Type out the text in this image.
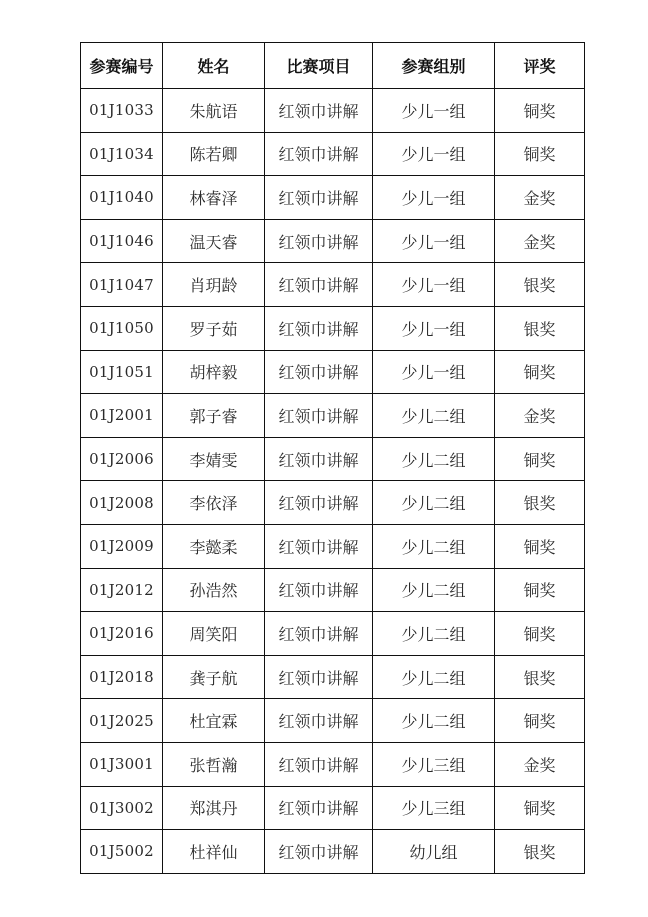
参赛编号	姓名	比赛项目	参赛组别	评奖
01J1033	朱航语	红领巾讲解	少儿一组	铜奖
01J1034	陈若卿	红领巾讲解	少儿一组	铜奖
01J1040	林睿泽	红领巾讲解	少儿一组	金奖
01J1046	温天睿	红领巾讲解	少儿一组	金奖
01J1047	肖玥龄	红领巾讲解	少儿一组	银奖
01J1050	罗子茹	红领巾讲解	少儿一组	银奖
01J1051	胡梓毅	红领巾讲解	少儿一组	铜奖
01J2001	郭子睿	红领巾讲解	少儿二组	金奖
01J2006	李婧雯	红领巾讲解	少儿二组	铜奖
01J2008	李依泽	红领巾讲解	少儿二组	银奖
01J2009	李懿柔	红领巾讲解	少儿二组	铜奖
01J2012	孙浩然	红领巾讲解	少儿二组	铜奖
01J2016	周笑阳	红领巾讲解	少儿二组	铜奖
01J2018	龚子航	红领巾讲解	少儿二组	银奖
01J2025	杜宜霖	红领巾讲解	少儿二组	铜奖
01J3001	张哲瀚	红领巾讲解	少儿三组	金奖
01J3002	郑淇丹	红领巾讲解	少儿三组	铜奖
01J5002	杜祥仙	红领巾讲解	幼儿组	银奖
